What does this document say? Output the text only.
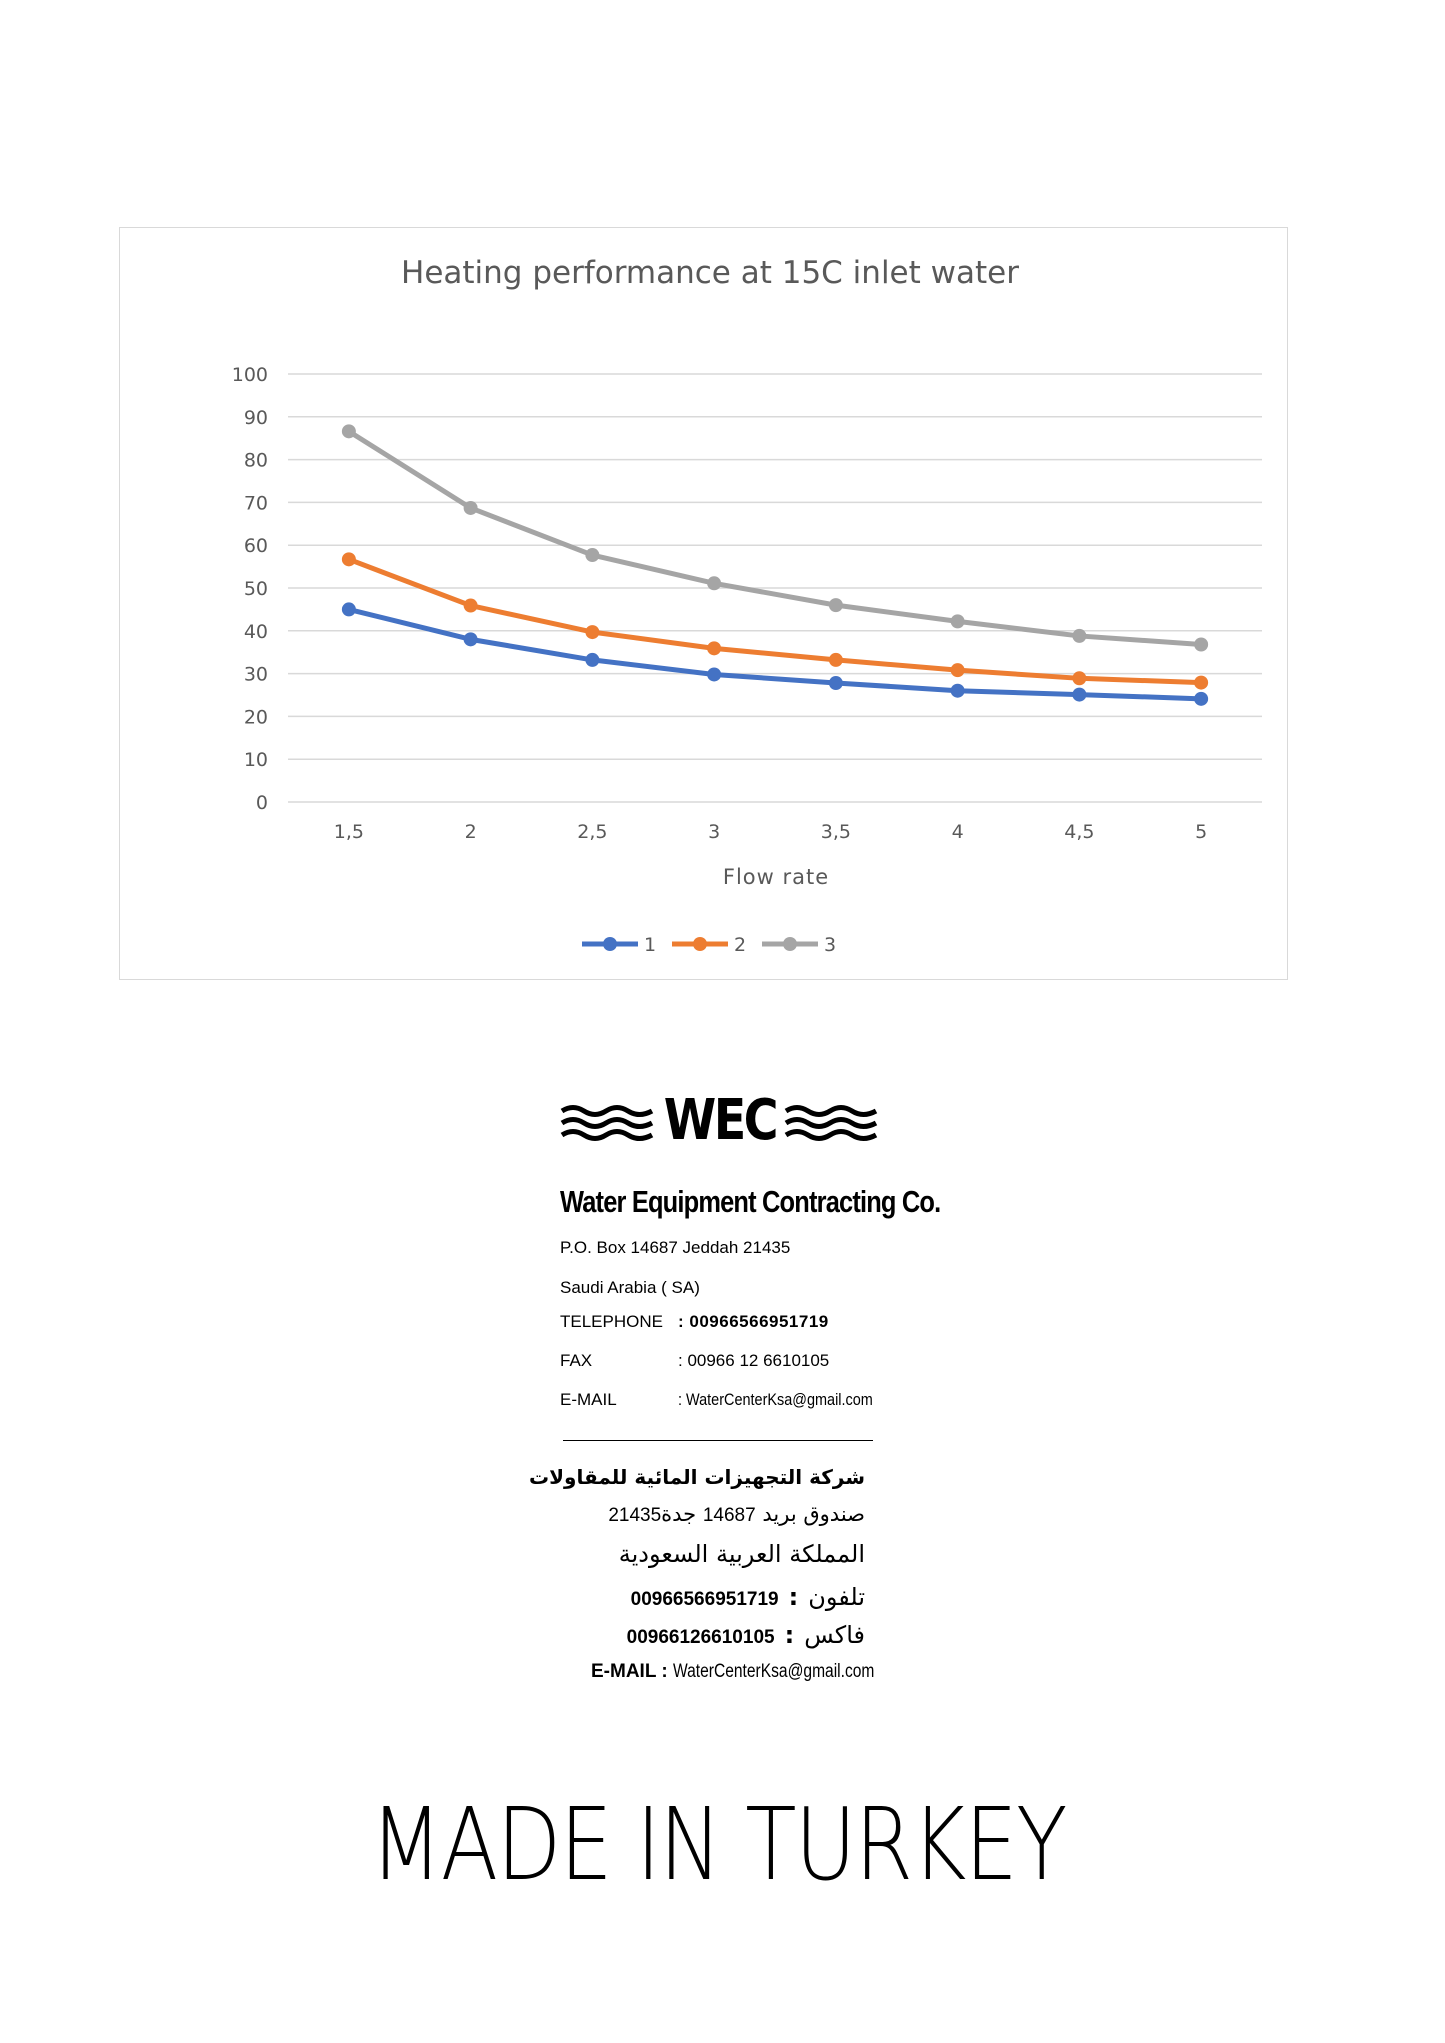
Heating performance at 15C inlet water
0
10
20
30
40
50
60
70
80
90
100
1,5	2	2,5	3	3,5	4	4,5	5
Flow rate
1	2	3
WEC
Water Equipment Contracting Co.
P.O. Box 14687 Jeddah 21435
Saudi Arabia ( SA)
TELEPHONE : 00966566951719
FAX	: 00966 12 6610105
E-MAIL	: WaterCenterKsa@gmail.com
شركة التجهيزات المائية للمقاولات
صندوق بريد 14687 جدة21435
المملكة العربية السعودية
تلفون:00966566951719
فاكس:00966126610105
E-MAIL : WaterCenterKsa@gmail.com
MADE IN TURKEY
